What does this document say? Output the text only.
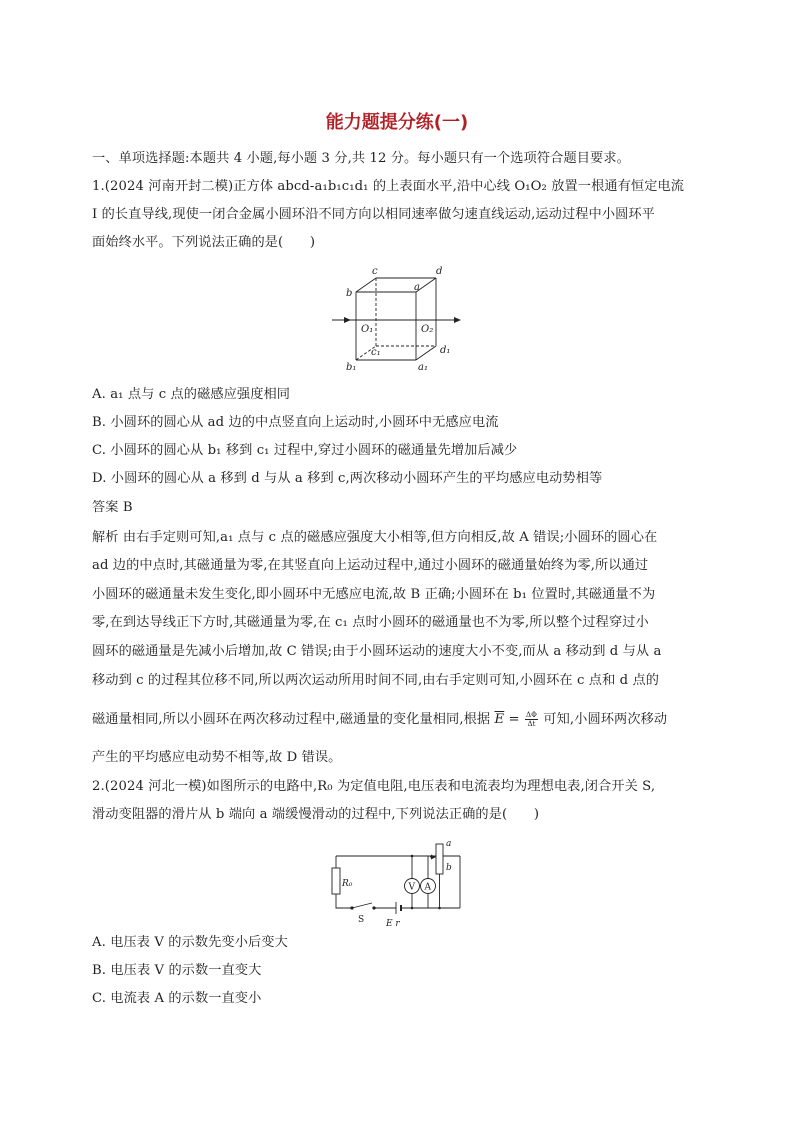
能力题提分练(一)
一、单项选择题:本题共 4 小题,每小题 3 分,共 12 分。每小题只有一个选项符合题目要求。
1.(2024 河南开封二模)正方体 abcd-a₁b₁c₁d₁ 的上表面水平,沿中心线 O₁O₂ 放置一根通有恒定电流
I 的长直导线,现使一闭合金属小圆环沿不同方向以相同速率做匀速直线运动,运动过程中小圆环平
面始终水平。下列说法正确的是(　　)
c	d
b
a
O₁	O₂
c₁	d₁
b₁	a₁
A. a₁ 点与 c 点的磁感应强度相同
B. 小圆环的圆心从 ad 边的中点竖直向上运动时,小圆环中无感应电流
C. 小圆环的圆心从 b₁ 移到 c₁ 过程中,穿过小圆环的磁通量先增加后减少
D. 小圆环的圆心从 a 移到 d 与从 a 移到 c,两次移动小圆环产生的平均感应电动势相等
答案 B
解析 由右手定则可知,a₁ 点与 c 点的磁感应强度大小相等,但方向相反,故 A 错误;小圆环的圆心在
ad 边的中点时,其磁通量为零,在其竖直向上运动过程中,通过小圆环的磁通量始终为零,所以通过
小圆环的磁通量未发生变化,即小圆环中无感应电流,故 B 正确;小圆环在 b₁ 位置时,其磁通量不为
零,在到达导线正下方时,其磁通量为零,在 c₁ 点时小圆环的磁通量也不为零,所以整个过程穿过小
圆环的磁通量是先减小后增加,故 C 错误;由于小圆环运动的速度大小不变,而从 a 移动到 d 与从 a
移动到 c 的过程其位移不同,所以两次运动所用时间不同,由右手定则可知,小圆环在 c 点和 d 点的
磁通量相同,所以小圆环在两次移动过程中,磁通量的变化量相同,根据 $\overline{E} = \frac{\Delta\Phi}{\Delta t}$ 可知,小圆环两次移动
产生的平均感应电动势不相等,故 D 错误。
2.(2024 河北一模)如图所示的电路中,R₀ 为定值电阻,电压表和电流表均为理想电表,闭合开关 S,
滑动变阻器的滑片从 b 端向 a 端缓慢滑动的过程中,下列说法正确的是(　　)
a
b
R₀	V A
S E r
A. 电压表 V 的示数先变小后变大
B. 电压表 V 的示数一直变大
C. 电流表 A 的示数一直变小
